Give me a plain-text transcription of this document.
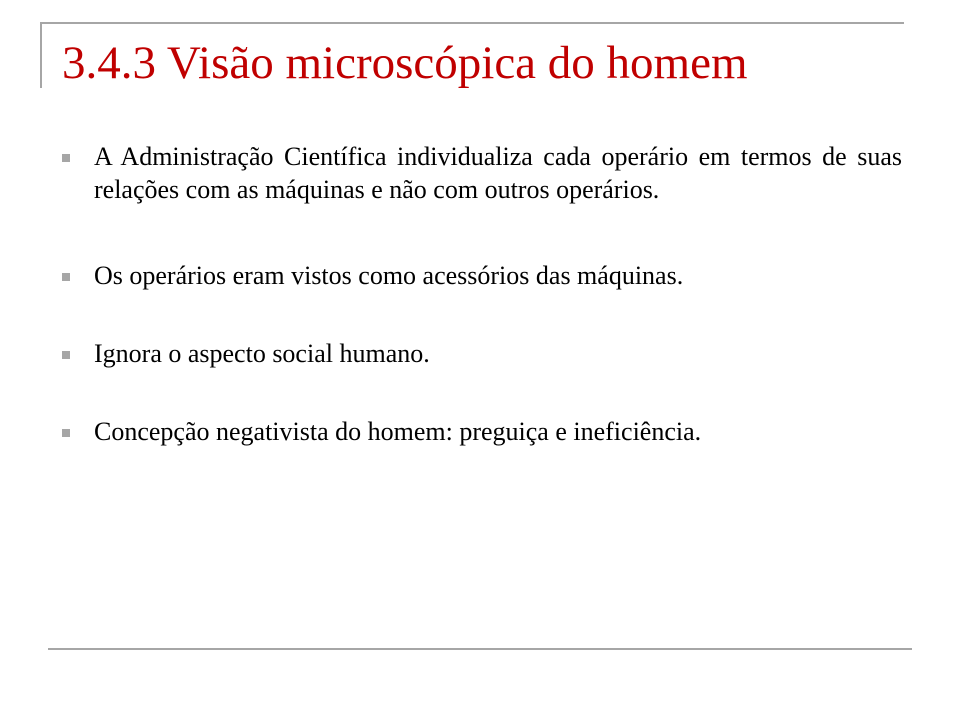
3.4.3 Visão microscópica do homem
A Administração Científica individualiza cada operário em termos de suas relações com as máquinas e não com outros operários.
Os operários eram vistos como acessórios das máquinas.
Ignora o aspecto social humano.
Concepção negativista do homem: preguiça e ineficiência.
